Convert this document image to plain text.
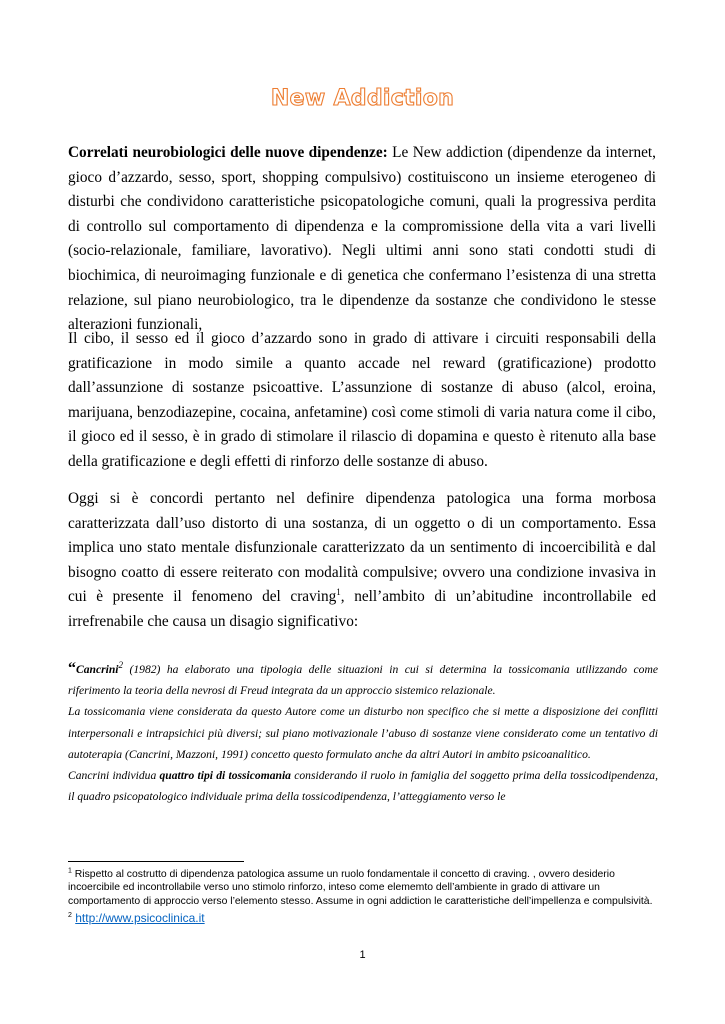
New Addiction

Correlati neurobiologici delle nuove dipendenze: Le New addiction (dipendenze da internet, gioco d’azzardo, sesso, sport, shopping compulsivo) costituiscono un insieme eterogeneo di disturbi che condividono caratteristiche psicopatologiche comuni, quali la progressiva perdita di controllo sul comportamento di dipendenza e la compromissione della vita a vari livelli (socio-relazionale, familiare, lavorativo). Negli ultimi anni sono stati condotti studi di biochimica, di neuroimaging funzionale e di genetica che confermano l’esistenza di una stretta relazione, sul piano neurobiologico, tra le dipendenze da sostanze che condividono le stesse alterazioni funzionali,

Il cibo, il sesso ed il gioco d’azzardo sono in grado di attivare i circuiti responsabili della gratificazione in modo simile a quanto accade nel reward (gratificazione) prodotto dall’assunzione di sostanze psicoattive. L’assunzione di sostanze di abuso (alcol, eroina, marijuana, benzodiazepine, cocaina, anfetamine) così come stimoli di varia natura come il cibo, il gioco ed il sesso, è in grado di stimolare il rilascio di dopamina e questo è ritenuto alla base della gratificazione e degli effetti di rinforzo delle sostanze di abuso.

Oggi si è concordi pertanto nel definire dipendenza patologica una forma morbosa caratterizzata dall’uso distorto di una sostanza, di un oggetto o di un comportamento. Essa implica uno stato mentale disfunzionale caratterizzato da un sentimento di incoercibilità e dal bisogno coatto di essere reiterato con modalità compulsive; ovvero una condizione invasiva in cui è presente il fenomeno del craving$^1$, nell’ambito di un’abitudine incontrollabile ed irrefrenabile che causa un disagio significativo:

“Cancrini$^2$ (1982) ha elaborato una tipologia delle situazioni in cui si determina la tossicomania utilizzando come riferimento la teoria della nevrosi di Freud integrata da un approccio sistemico relazionale.

La tossicomania viene considerata da questo Autore come un disturbo non specifico che si mette a disposizione dei conflitti interpersonali e intrapsichici più diversi; sul piano motivazionale l’abuso di sostanze viene considerato come un tentativo di autoterapia (Cancrini, Mazzoni, 1991) concetto questo formulato anche da altri Autori in ambito psicoanalitico.

Cancrini individua quattro tipi di tossicomania considerando il ruolo in famiglia del soggetto prima della tossicodipendenza, il quadro psicopatologico individuale prima della tossicodipendenza, l’atteggiamento verso le

$^1$ Rispetto al costrutto di dipendenza patologica assume un ruolo fondamentale il concetto di craving. , ovvero desiderio incoercibile ed incontrollabile verso uno stimolo rinforzo, inteso come elememto dell’ambiente in grado di attivare un comportamento di approccio verso l’elemento stesso. Assume in ogni addiction le caratteristiche dell’impellenza e compulsività.

$^2$ http://www.psicoclinica.it

1
